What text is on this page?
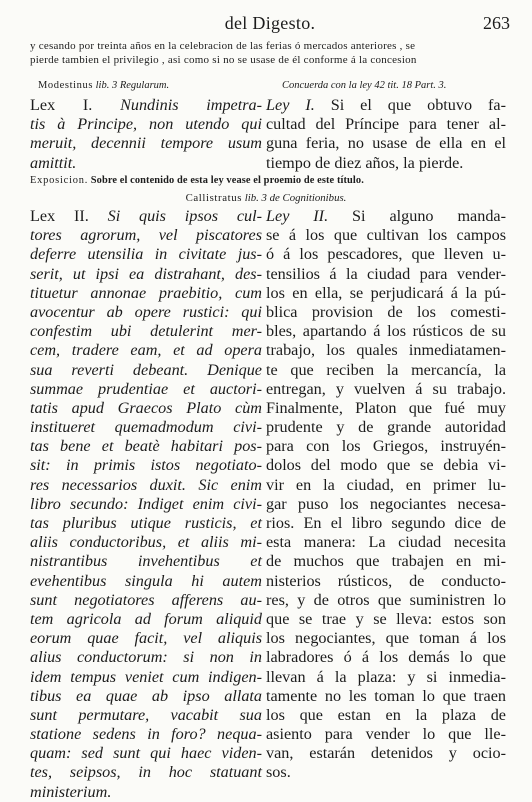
del Digesto.	263
y cesando por treinta años en la celebracion de las ferias ó mercados anteriores , se
pierde tambien el privilegio , asi como si no se usase de él conforme á la concesion
Modestinus lib. 3 Regularum.	Concuerda con la ley 42 tit. 18 Part. 3.
Lex I. Nundinis impetra-
tis à Principe, non utendo qui
meruit, decennii tempore usum
amittit.
Ley I. Si el que obtuvo fa-
cultad del Príncipe para tener al-
guna feria, no usase de ella en el
tiempo de diez años, la pierde.
Exposicion. Sobre el contenido de esta ley vease el proemio de este título.
Callistratus lib. 3 de Cognitionibus.
Lex II. Si quis ipsos cul-
tores agrorum, vel piscatores
deferre utensilia in civitate jus-
serit, ut ipsi ea distrahant, des-
tituetur annonae praebitio, cum
avocentur ab opere rustici: qui
confestim ubi detulerint mer-
cem, tradere eam, et ad opera
sua reverti debeant. Denique
summae prudentiae et auctori-
tatis apud Graecos Plato cùm
institueret quemadmodum civi-
tas bene et beatè habitari pos-
sit: in primis istos negotiato-
res necessarios duxit. Sic enim
libro secundo: Indiget enim civi-
tas pluribus utique rusticis, et
aliis conductoribus, et aliis mi-
nistrantibus invehentibus et
evehentibus singula hi autem
sunt negotiatores afferens au-
tem agricola ad forum aliquid
eorum quae facit, vel aliquis
alius conductorum: si non in
idem tempus veniet cum indigen-
tibus ea quae ab ipso allata
sunt permutare, vacabit sua
statione sedens in foro? nequa-
quam: sed sunt qui haec viden-
tes, seipsos, in hoc statuant
ministerium.
Ley II. Si alguno manda-
se á los que cultivan los campos
ó á los pescadores, que lleven u-
tensilios á la ciudad para vender-
los en ella, se perjudicará á la pú-
blica provision de los comesti-
bles, apartando á los rústicos de su
trabajo, los quales inmediatamen-
te que reciben la mercancía, la
entregan, y vuelven á su trabajo.
Finalmente, Platon que fué muy
prudente y de grande autoridad
para con los Griegos, instruyén-
dolos del modo que se debia vi-
vir en la ciudad, en primer lu-
gar puso los negociantes necesa-
rios. En el libro segundo dice de
esta manera: La ciudad necesita
de muchos que trabajen en mi-
nisterios rústicos, de conducto-
res, y de otros que suministren lo
que se trae y se lleva: estos son
los negociantes, que toman á los
labradores ó á los demás lo que
llevan á la plaza: y si inmedia-
tamente no les toman lo que traen
los que estan en la plaza de
asiento para vender lo que lle-
van, estarán detenidos y ocio-
sos.
